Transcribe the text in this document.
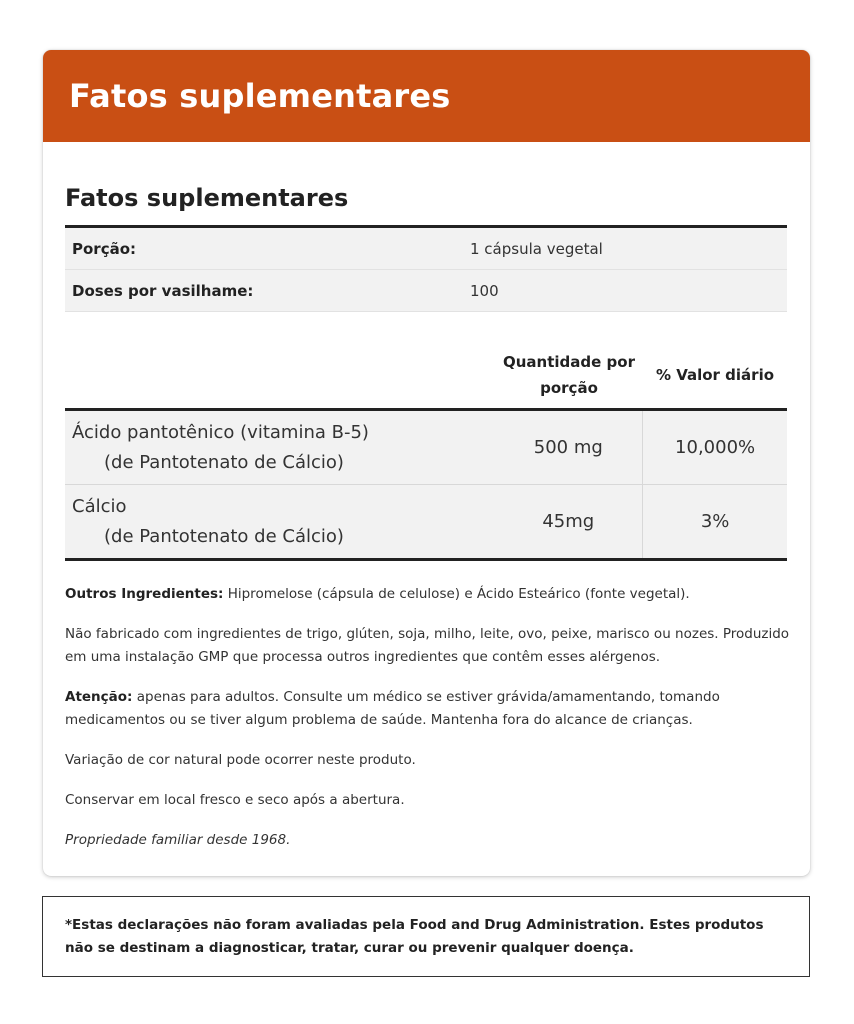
Fatos suplementares
Fatos suplementares
Porção:	1 cápsula vegetal
Doses por vasilhame:	100
Quantidade por
porção
% Valor diário
Ácido pantotênico (vitamina B-5)
(de Pantotenato de Cálcio)
500 mg	10,000%
Cálcio
(de Pantotenato de Cálcio)
45mg	3%

Outros Ingredientes: Hipromelose (cápsula de celulose) e Ácido Esteárico (fonte vegetal).

Não fabricado com ingredientes de trigo, glúten, soja, milho, leite, ovo, peixe, marisco ou nozes. Produzido em uma instalação GMP que processa outros ingredientes que contêm esses alérgenos.

Atenção: apenas para adultos. Consulte um médico se estiver grávida/amamentando, tomando medicamentos ou se tiver algum problema de saúde. Mantenha fora do alcance de crianças.

Variação de cor natural pode ocorrer neste produto.

Conservar em local fresco e seco após a abertura.

Propriedade familiar desde 1968.

*Estas declarações não foram avaliadas pela Food and Drug Administration. Estes produtos não se destinam a diagnosticar, tratar, curar ou prevenir qualquer doença.
